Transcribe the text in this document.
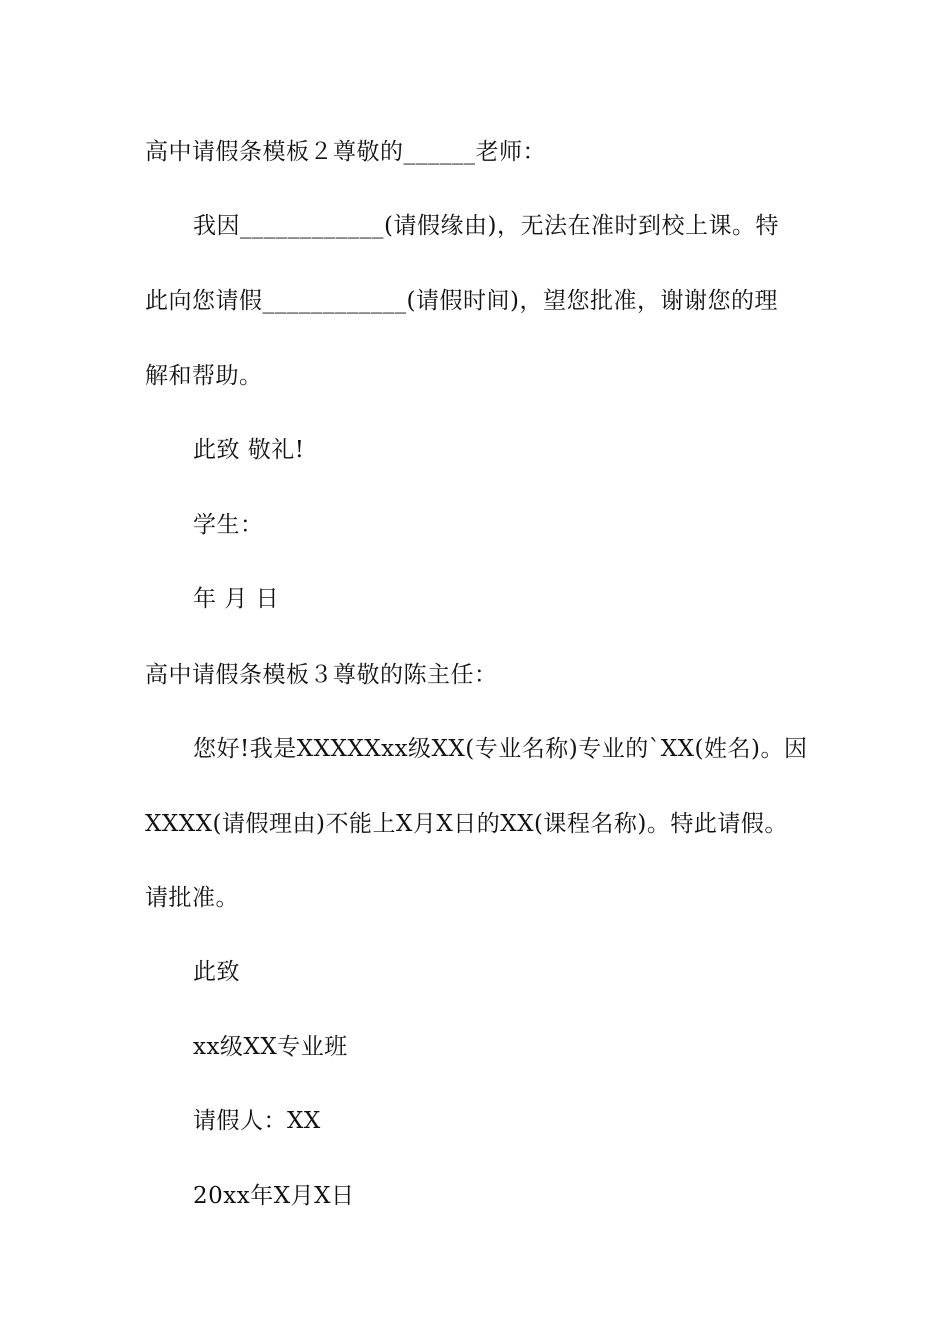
高中请假条模板２尊敬的______老师：
我因____________(请假缘由)，无法在准时到校上课。特
此向您请假____________(请假时间)，望您批准，谢谢您的理
解和帮助。
此致 敬礼!
学生：
年 月 日
高中请假条模板３尊敬的陈主任：
您好!我是XXXXXxx级XX(专业名称)专业的`XX(姓名)。因
XXXX(请假理由)不能上X月X日的XX(课程名称)。特此请假。
请批准。
此致
xx级XX专业班
请假人：XX
20xx年X月X日
